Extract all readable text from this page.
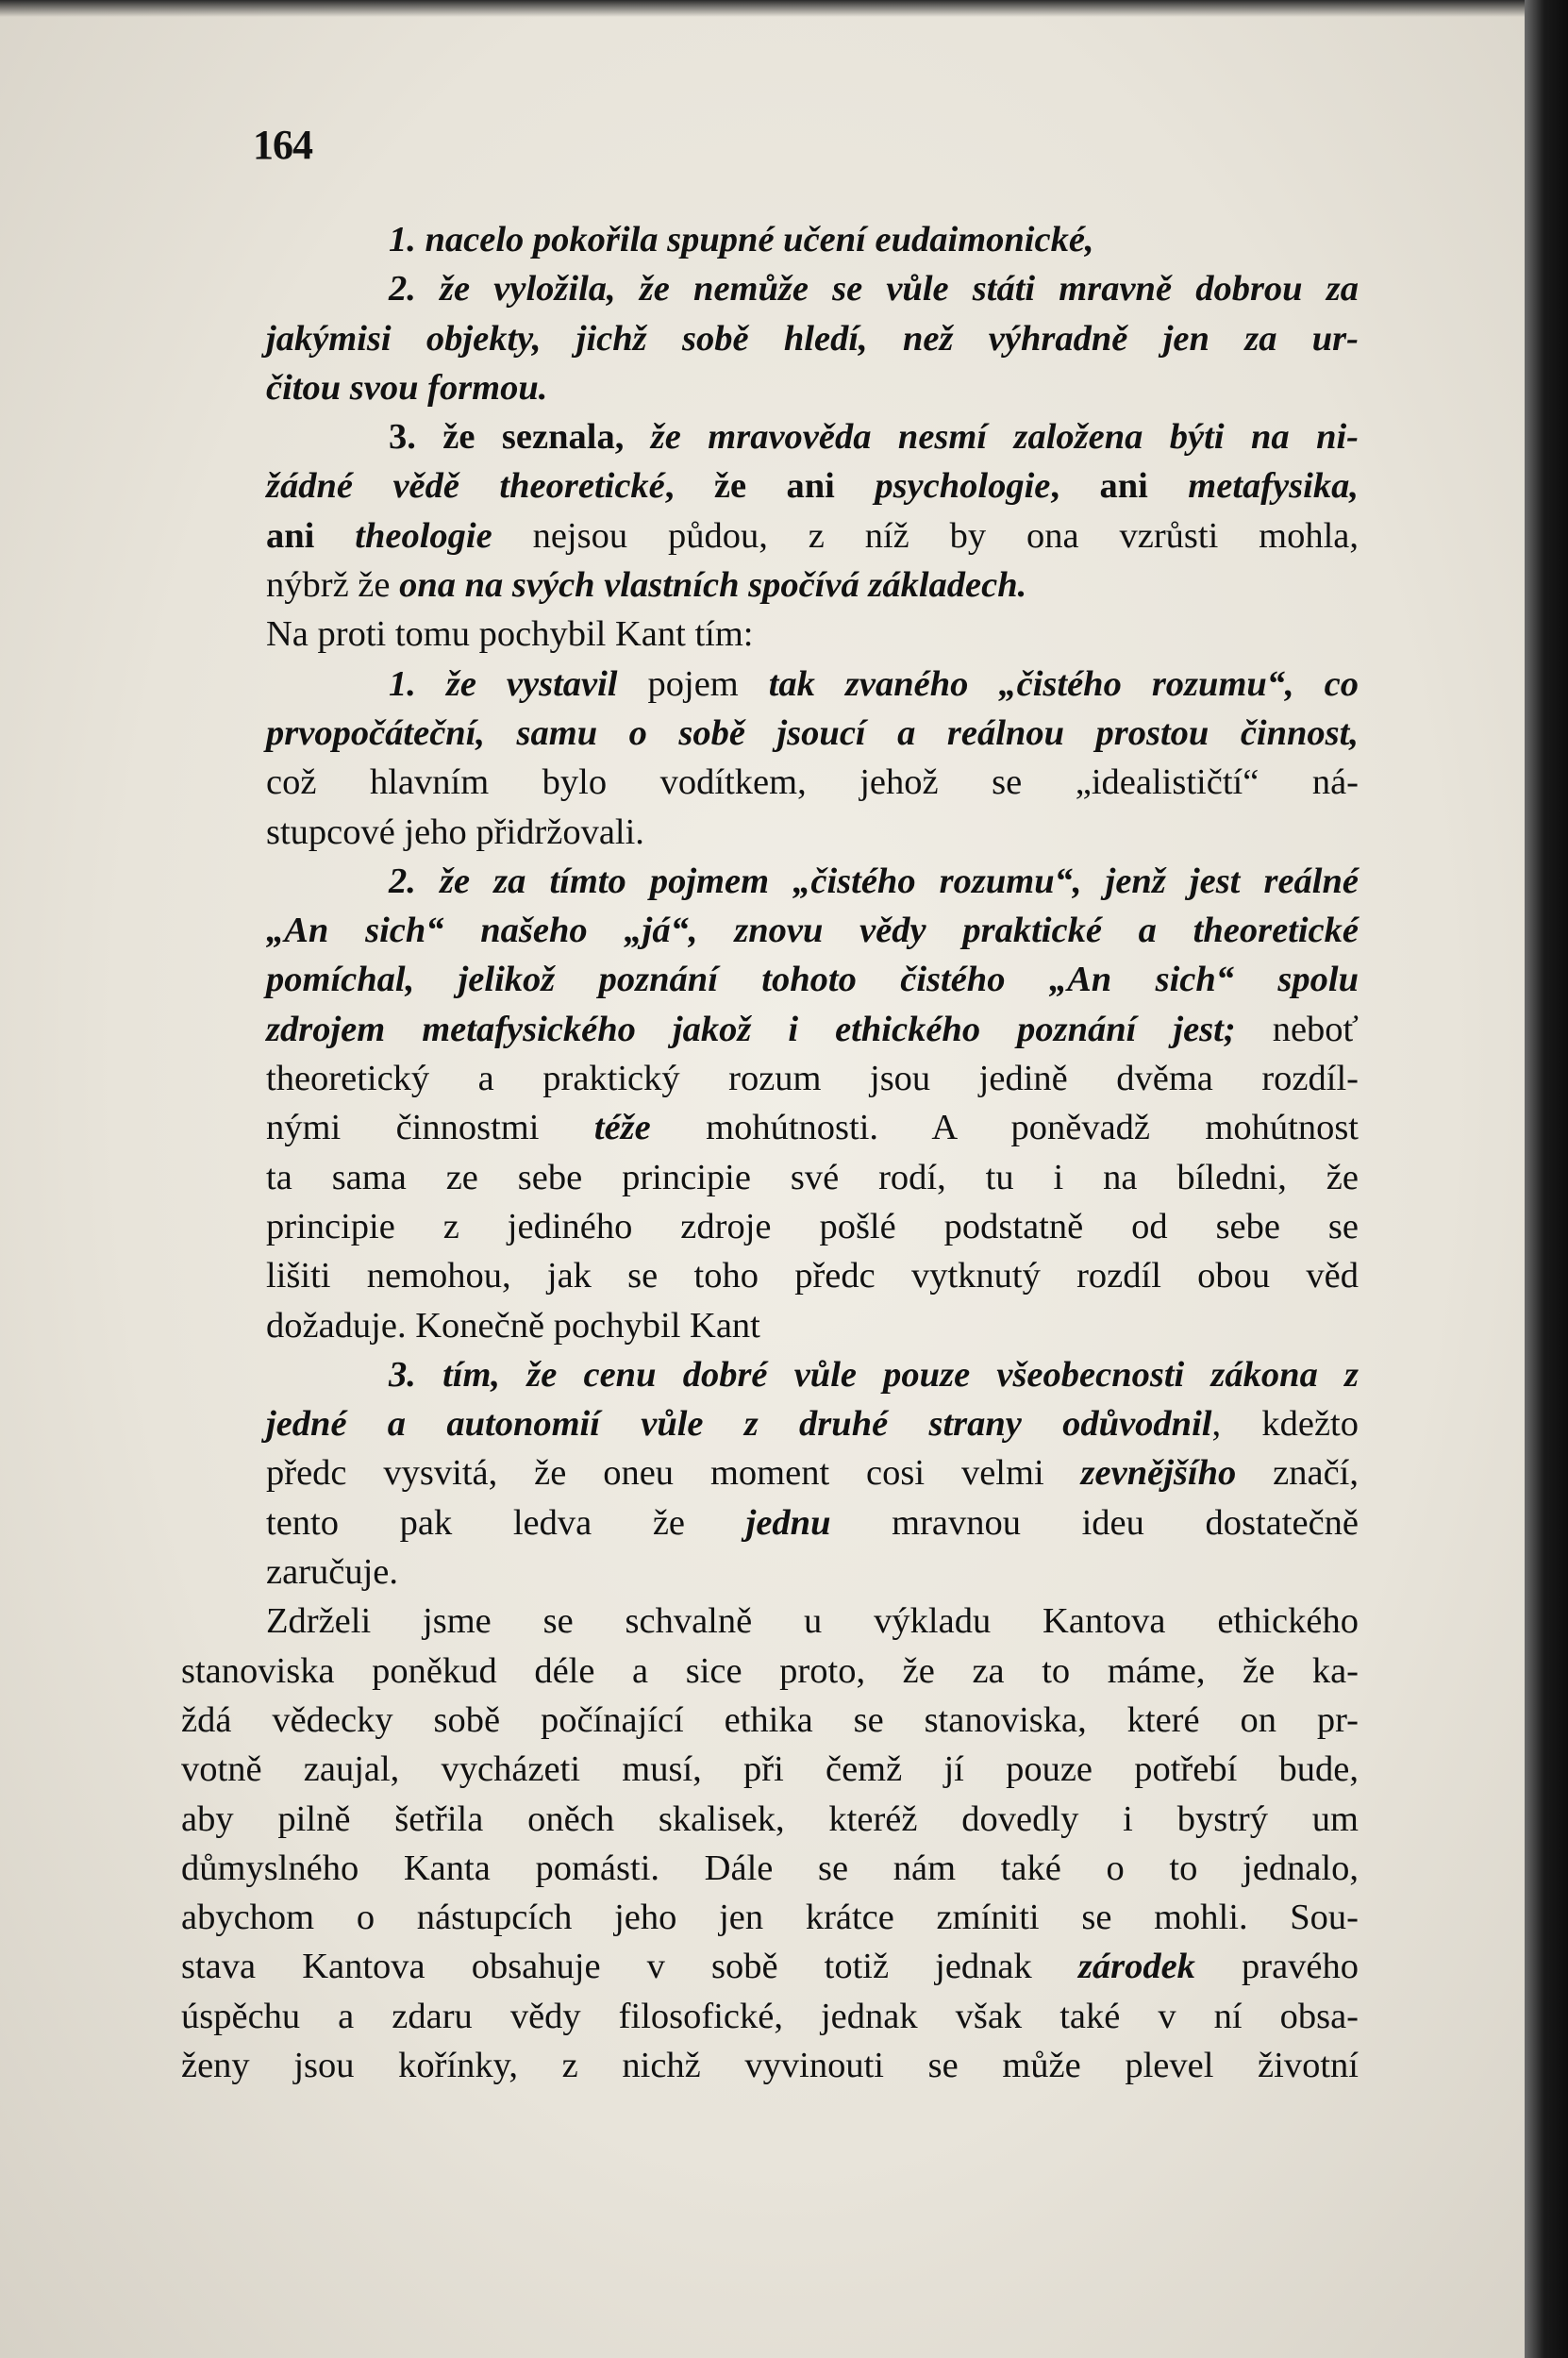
164

1. nacelo pokořila spupné učení eudaimonické,

2. že vyložila, že nemůže se vůle státi mravně dobrou za

jakýmisi objekty, jichž sobě hledí, než výhradně jen za ur-

čitou svou formou.

3. že seznala, že mravověda nesmí založena býti na ni-

žádné vědě theoretické, že ani psychologie, ani metafysika,

ani theologie nejsou půdou, z níž by ona vzrůsti mohla,

nýbrž že ona na svých vlastních spočívá základech.

Na proti tomu pochybil Kant tím:

1. že vystavil pojem tak zvaného „čistého rozumu“, co

prvopočáteční, samu o sobě jsoucí a reálnou prostou činnost,

což hlavním bylo vodítkem, jehož se „idealističtí“ ná-

stupcové jeho přidržovali.

2. že za tímto pojmem „čistého rozumu“, jenž jest reálné

„An sich“ našeho „já“, znovu vědy praktické a theoretické

pomíchal, jelikož poznání tohoto čistého „An sich“ spolu

zdrojem metafysického jakož i ethického poznání jest; neboť

theoretický a praktický rozum jsou jedině dvěma rozdíl-

nými činnostmi téže mohútnosti. A poněvadž mohútnost

ta sama ze sebe principie své rodí, tu i na bíledni, že

principie z jediného zdroje pošlé podstatně od sebe se

lišiti nemohou, jak se toho předc vytknutý rozdíl obou věd

dožaduje. Konečně pochybil Kant

3. tím, že cenu dobré vůle pouze všeobecnosti zákona z

jedné a autonomií vůle z druhé strany odůvodnil, kdežto

předc vysvitá, že oneu moment cosi velmi zevnějšího značí,

tento pak ledva že jednu mravnou ideu dostatečně

zaručuje.

Zdrželi jsme se schvalně u výkladu Kantova ethického

stanoviska poněkud déle a sice proto, že za to máme, že ka-

ždá vědecky sobě počínající ethika se stanoviska, které on pr-

votně zaujal, vycházeti musí, při čemž jí pouze potřebí bude,

aby pilně šetřila oněch skalisek, kteréž dovedly i bystrý um

důmyslného Kanta pomásti. Dále se nám také o to jednalo,

abychom o nástupcích jeho jen krátce zmíniti se mohli. Sou-

stava Kantova obsahuje v sobě totiž jednak zárodek pravého

úspěchu a zdaru vědy filosofické, jednak však také v ní obsa-

ženy jsou kořínky, z nichž vyvinouti se může plevel životní
